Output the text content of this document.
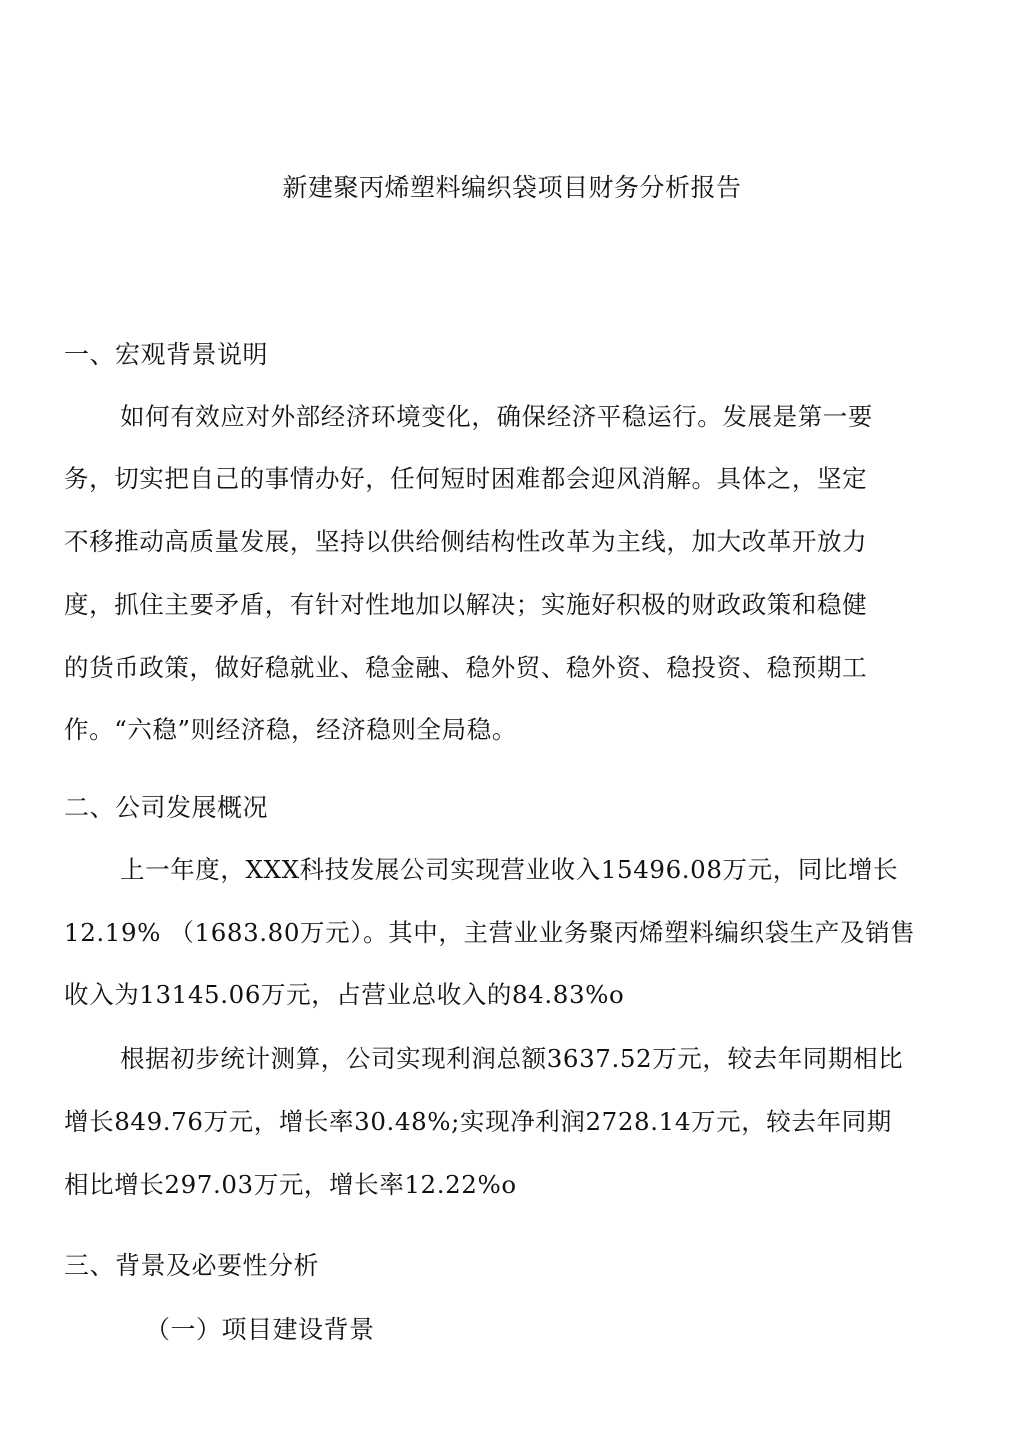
新建聚丙烯塑料编织袋项目财务分析报告
一、宏观背景说明
如何有效应对外部经济环境变化，确保经济平稳运行。发展是第一要
务，切实把自己的事情办好，任何短时困难都会迎风消解。具体之，坚定
不移推动高质量发展，坚持以供给侧结构性改革为主线，加大改革开放力
度，抓住主要矛盾，有针对性地加以解决；实施好积极的财政政策和稳健
的货币政策，做好稳就业、稳金融、稳外贸、稳外资、稳投资、稳预期工
作。“六稳”则经济稳，经济稳则全局稳。
二、公司发展概况
上一年度，XXX科技发展公司实现营业收入15496.08万元，同比增长
12.19% （1683.80万元）。其中，主营业业务聚丙烯塑料编织袋生产及销售
收入为13145.06万元，占营业总收入的84.83%o
根据初步统计测算，公司实现利润总额3637.52万元，较去年同期相比
增长849.76万元，增长率30.48%;实现净利润2728.14万元，较去年同期
相比增长297.03万元，增长率12.22%o
三、背景及必要性分析
（一）项目建设背景
